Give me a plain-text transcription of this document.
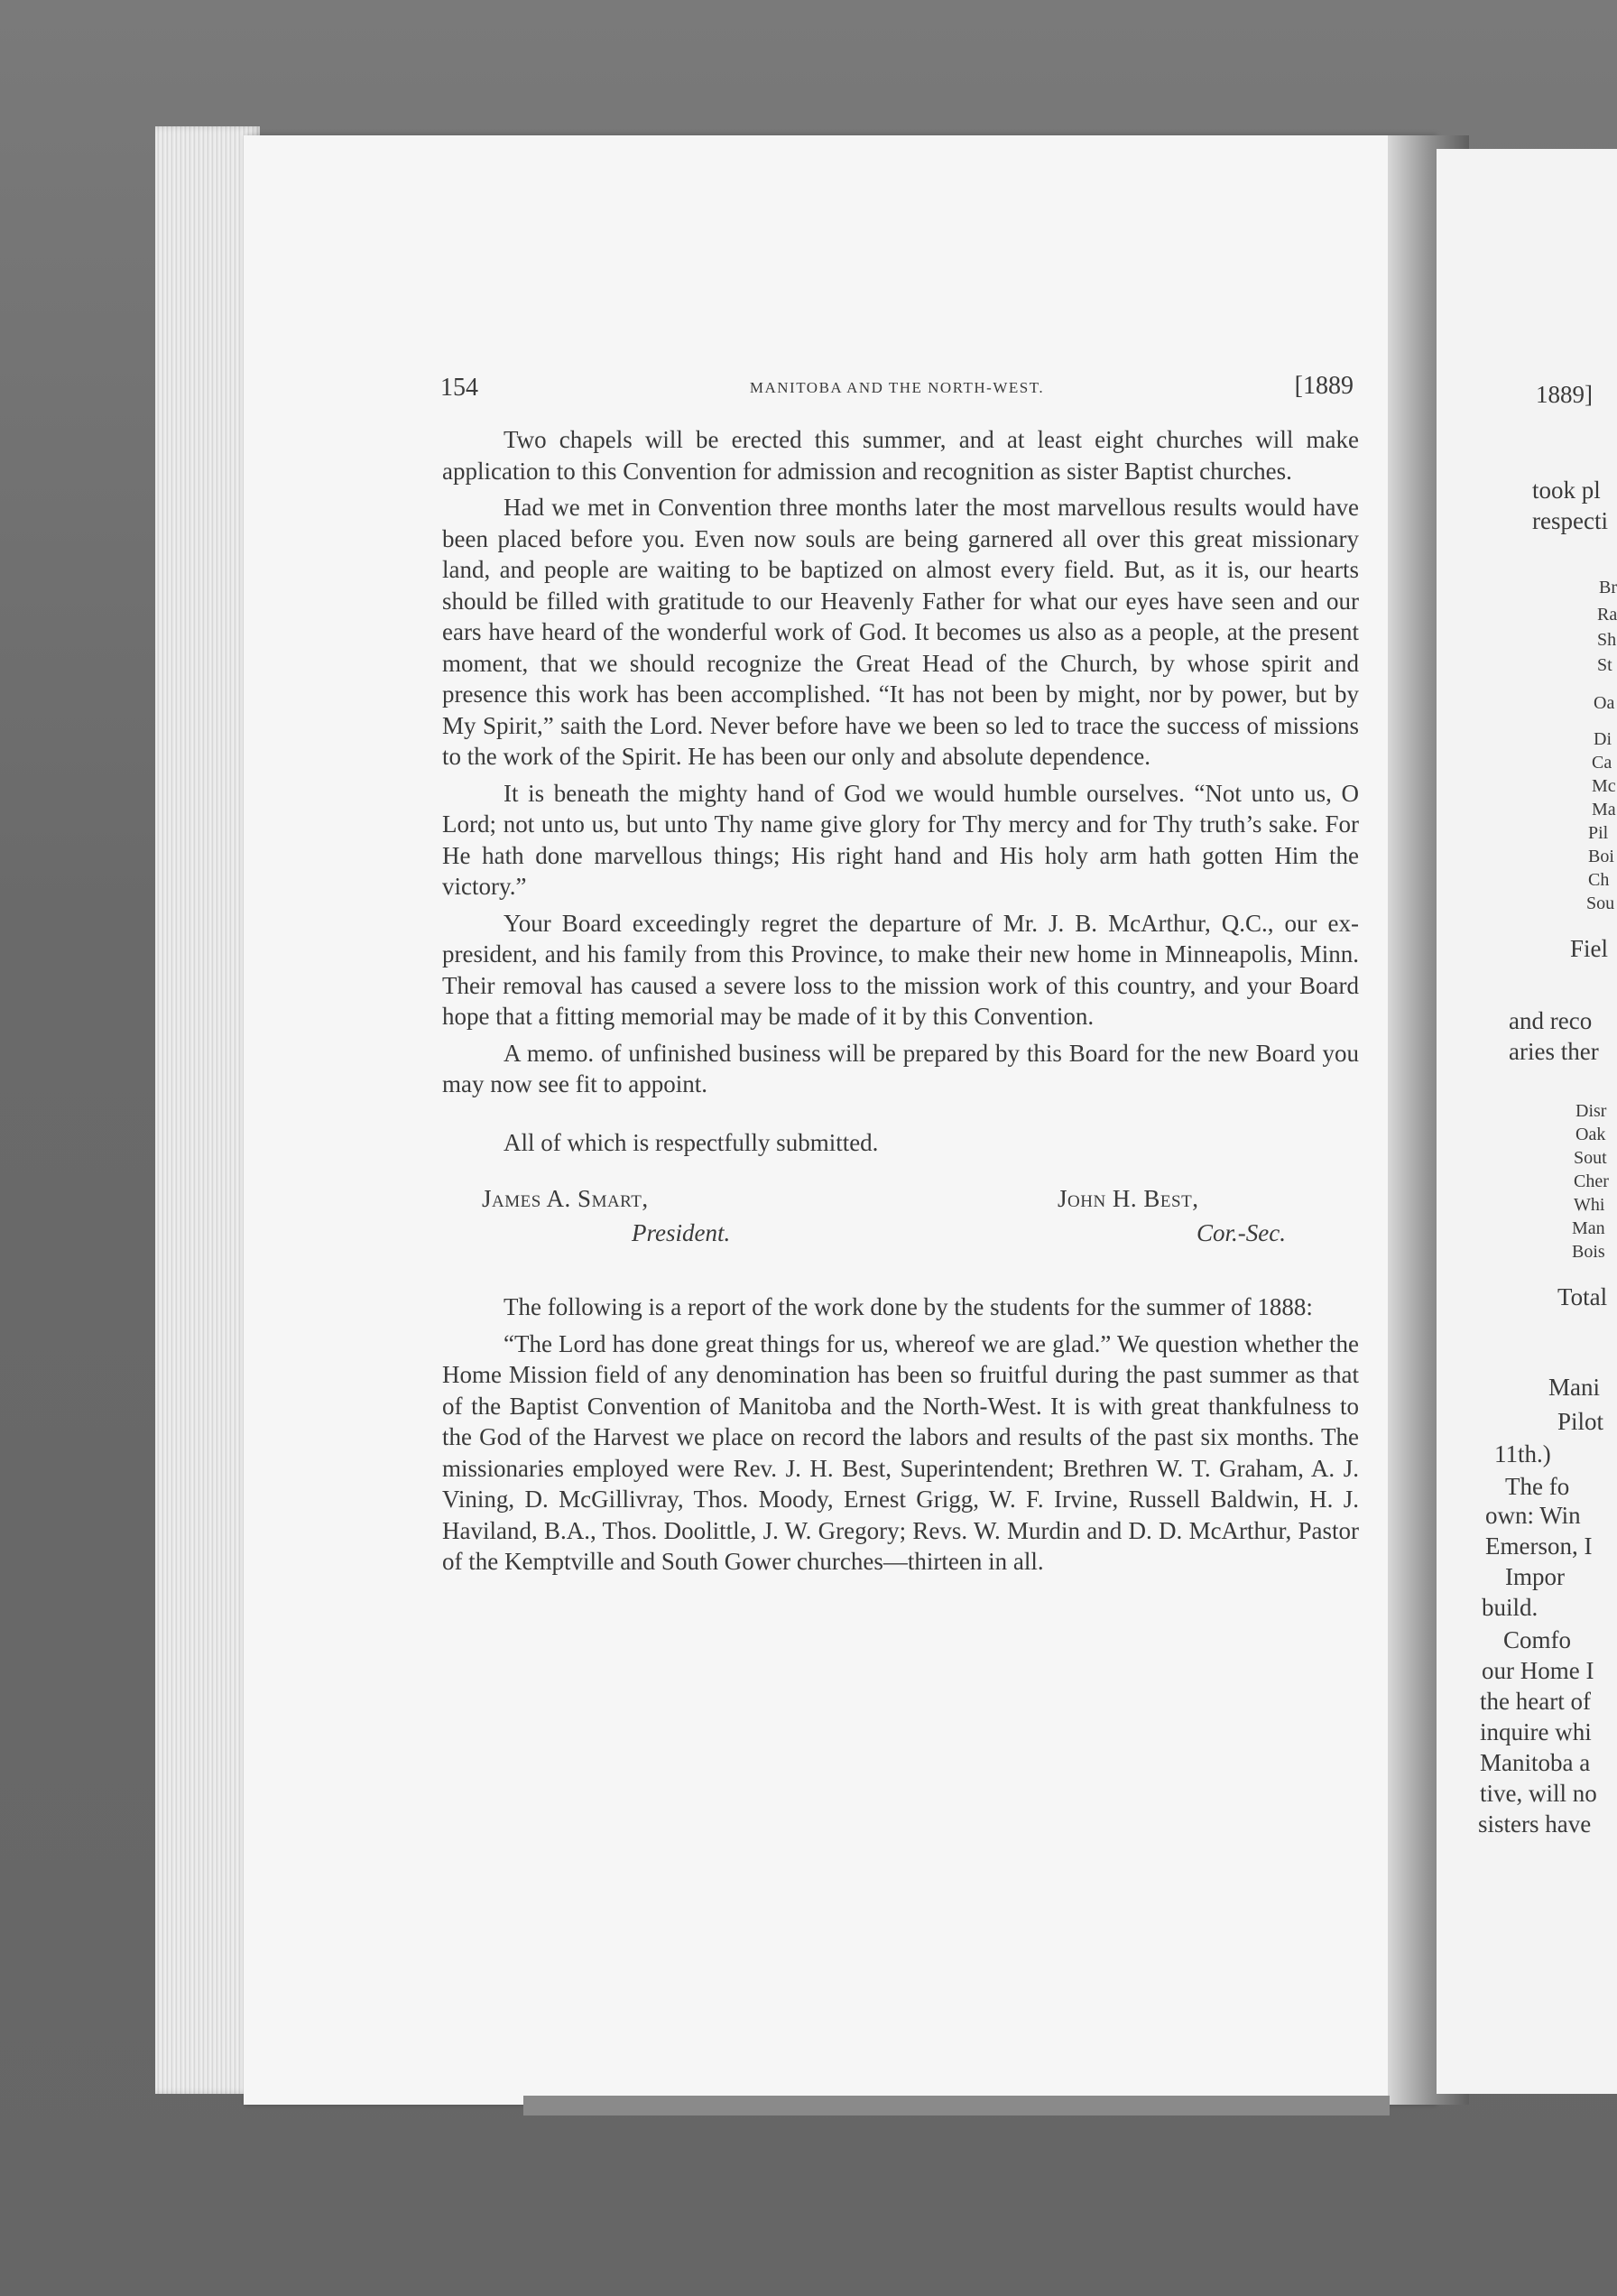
1889]
took pl
respecti
Br
Ra
Sh
St
Oa
Di
Ca
Mc
Ma
Pil
Boi
Ch
Sou
Fiel
and reco
aries ther
Disr
Oak
Sout
Cher
Whi
Man
Bois
Total
Mani
Pilot
11th.)
The fo
own: Win
Emerson, I
Impor
build.
Comfo
our Home I
the heart of
inquire whi
Manitoba a
tive, will no
sisters have
154	MANITOBA AND THE NORTH-WEST.	[1889

Two chapels will be erected this summer, and at least eight churches will make application to this Convention for admission and recognition as sister Baptist churches.

Had we met in Convention three months later the most marvellous results would have been placed before you. Even now souls are being garnered all over this great missionary land, and people are waiting to be baptized on almost every field. But, as it is, our hearts should be filled with gratitude to our Heavenly Father for what our eyes have seen and our ears have heard of the wonderful work of God. It becomes us also as a people, at the present moment, that we should recognize the Great Head of the Church, by whose spirit and presence this work has been accomplished. “It has not been by might, nor by power, but by My Spirit,” saith the Lord. Never before have we been so led to trace the success of missions to the work of the Spirit. He has been our only and absolute dependence.

It is beneath the mighty hand of God we would humble ourselves. “Not unto us, O Lord; not unto us, but unto Thy name give glory for Thy mercy and for Thy truth’s sake. For He hath done marvellous things; His right hand and His holy arm hath gotten Him the victory.”

Your Board exceedingly regret the departure of Mr. J. B. McArthur, Q.C., our ex-president, and his family from this Province, to make their new home in Minneapolis, Minn. Their removal has caused a severe loss to the mission work of this country, and your Board hope that a fitting memorial may be made of it by this Convention.

A memo. of unfinished business will be prepared by this Board for the new Board you may now see fit to appoint.

All of which is respectfully submitted.

James A. Smart,
President.
John H. Best,
Cor.-Sec.

The following is a report of the work done by the students for the summer of 1888:

“The Lord has done great things for us, whereof we are glad.” We question whether the Home Mission field of any denomination has been so fruitful during the past summer as that of the Baptist Convention of Manitoba and the North-West. It is with great thankfulness to the God of the Harvest we place on record the labors and results of the past six months. The missionaries employed were Rev. J. H. Best, Superintendent; Brethren W. T. Graham, A. J. Vining, D. McGillivray, Thos. Moody, Ernest Grigg, W. F. Irvine, Russell Baldwin, H. J. Haviland, B.A., Thos. Doolittle, J. W. Gregory; Revs. W. Murdin and D. D. McArthur, Pastor of the Kemptville and South Gower churches—thirteen in all.
